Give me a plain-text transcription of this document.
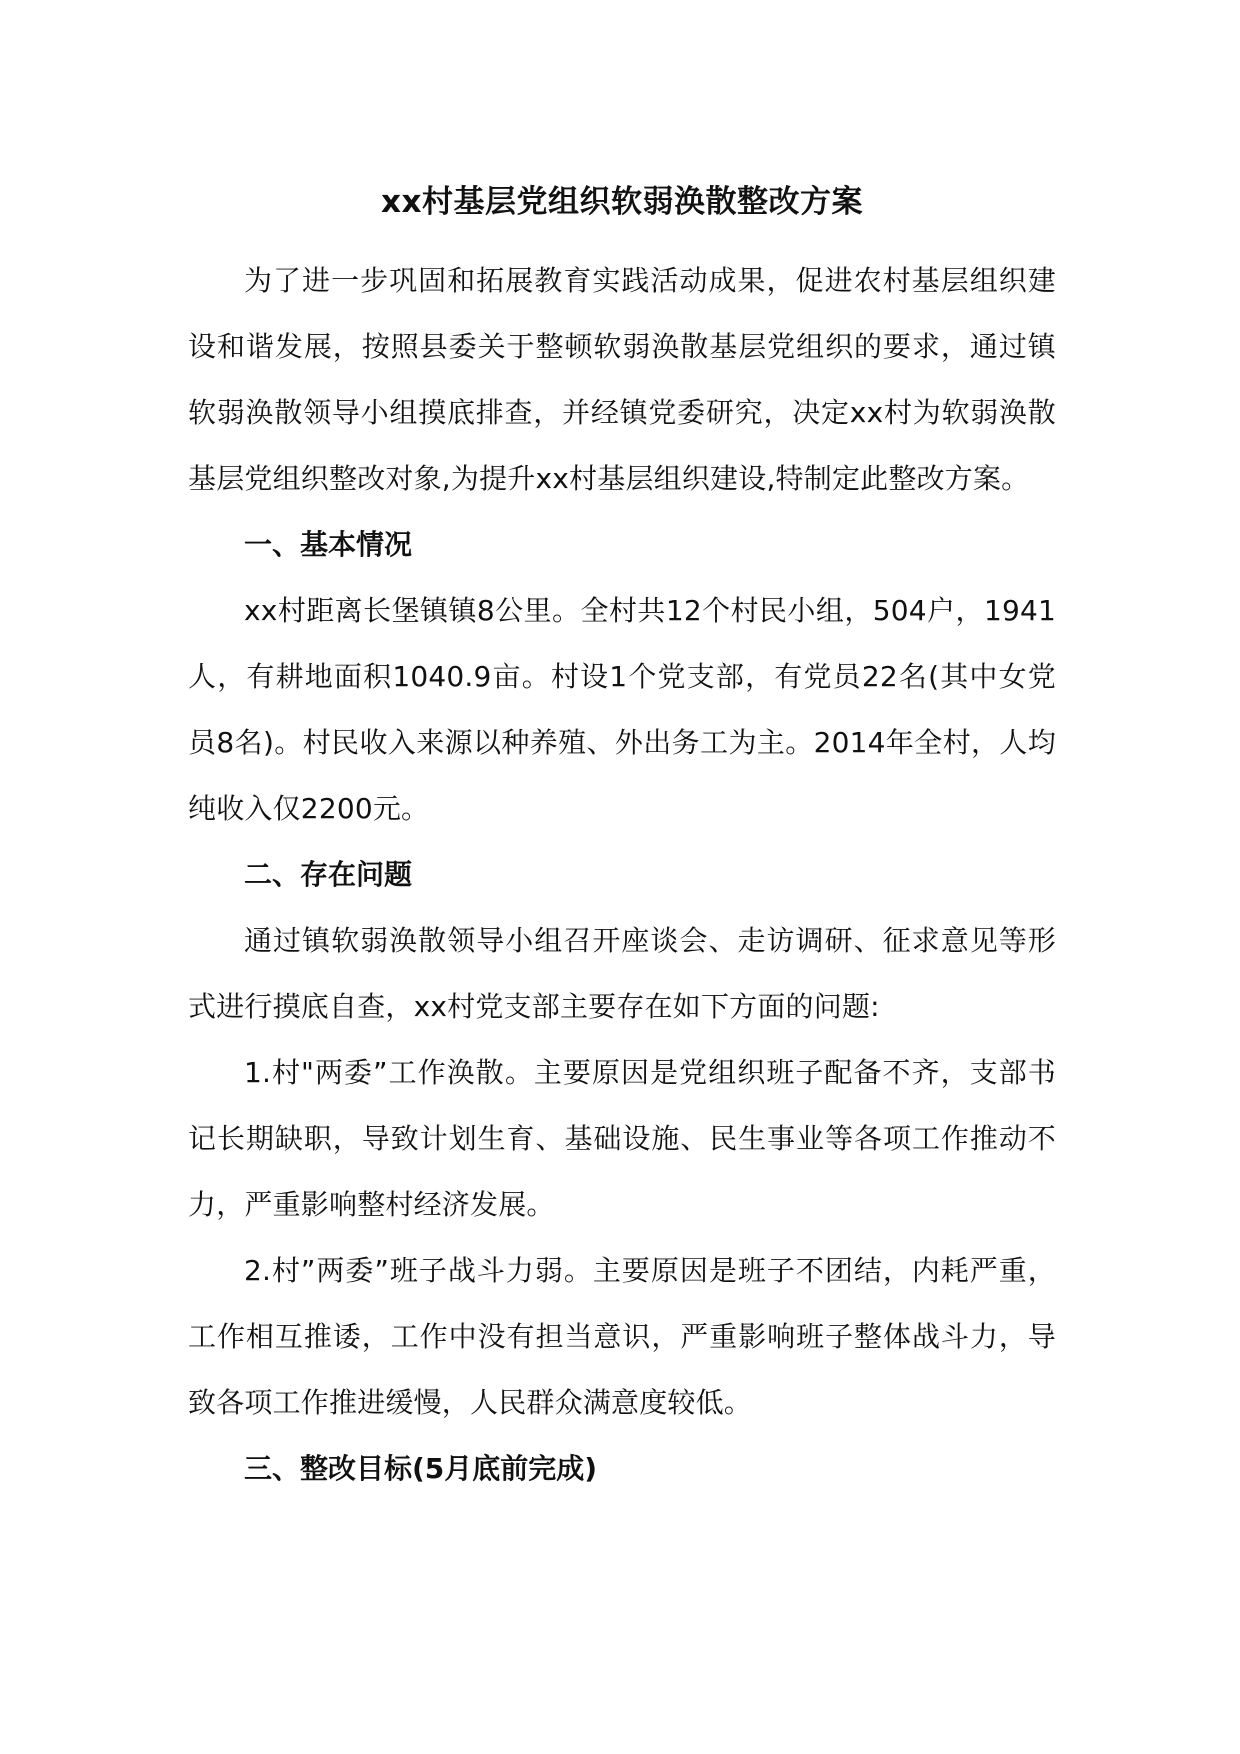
xx村基层党组织软弱涣散整改方案

为了进一步巩固和拓展教育实践活动成果，促进农村基层组织建设和谐发展，按照县委关于整顿软弱涣散基层党组织的要求，通过镇软弱涣散领导小组摸底排查，并经镇党委研究，决定xx村为软弱涣散基层党组织整改对象,为提升xx村基层组织建设,特制定此整改方案。

一、基本情况

xx村距离长堡镇镇8公里。全村共12个村民小组，504户，1941人，有耕地面积1040.9亩。村设1个党支部，有党员22名(其中女党员8名)。村民收入来源以种养殖、外出务工为主。2014年全村，人均纯收入仅2200元。

二、存在问题

通过镇软弱涣散领导小组召开座谈会、走访调研、征求意见等形式进行摸底自查，xx村党支部主要存在如下方面的问题:

1.村"两委”工作涣散。主要原因是党组织班子配备不齐，支部书记长期缺职，导致计划生育、基础设施、民生事业等各项工作推动不力，严重影响整村经济发展。

2.村”两委”班子战斗力弱。主要原因是班子不团结，内耗严重，工作相互推诿，工作中没有担当意识，严重影响班子整体战斗力，导致各项工作推进缓慢，人民群众满意度较低。

三、整改目标(5月底前完成)
